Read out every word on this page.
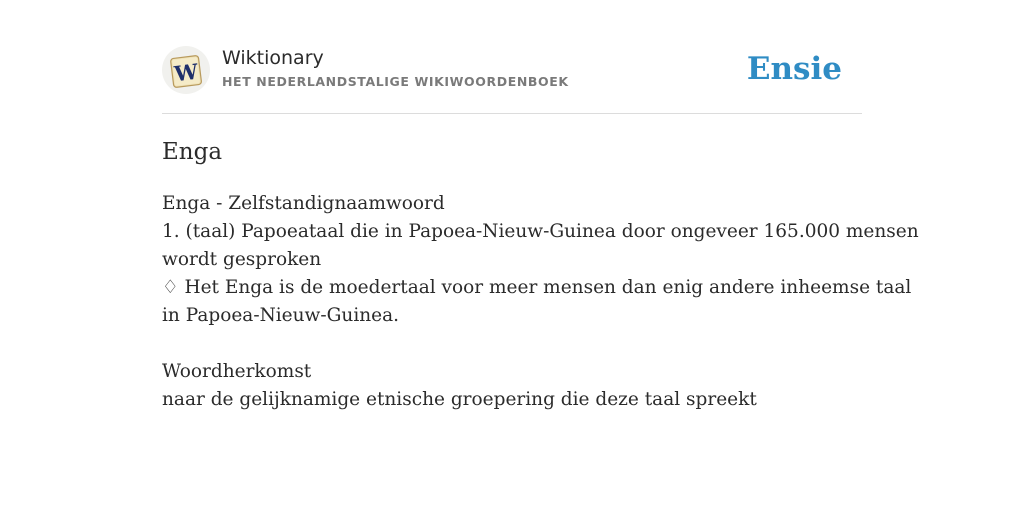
W
Wiktionary
HET NEDERLANDSTALIGE WIKIWOORDENBOEK	Ensie
Enga
Enga - Zelfstandignaamwoord
1. (taal) Papoeataal die in Papoea-Nieuw-Guinea door ongeveer 165.000 mensen
wordt gesproken
♢ Het Enga is de moedertaal voor meer mensen dan enig andere inheemse taal
in Papoea-Nieuw-Guinea.
Woordherkomst
naar de gelijknamige etnische groepering die deze taal spreekt
